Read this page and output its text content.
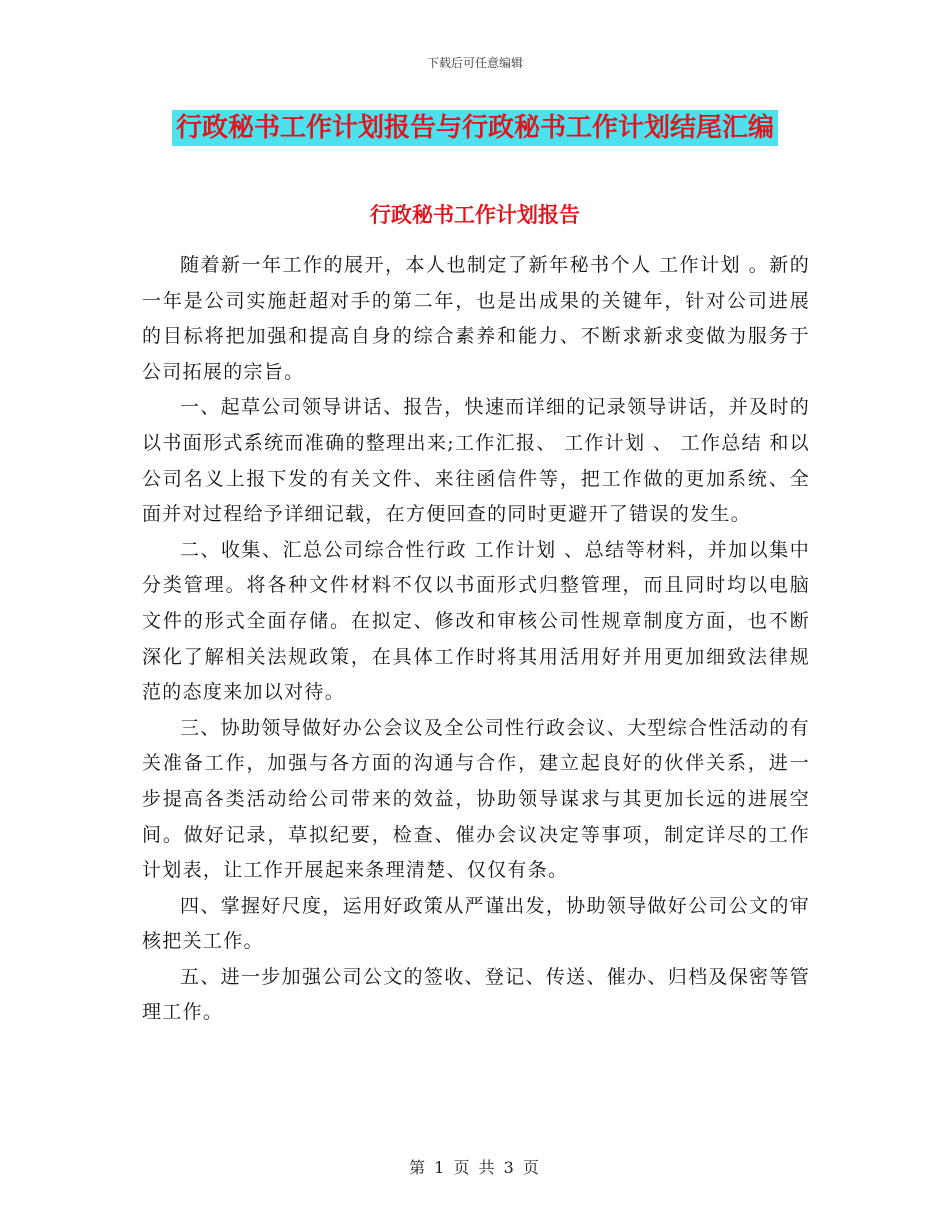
下载后可任意编辑
行政秘书工作计划报告与行政秘书工作计划结尾汇编
行政秘书工作计划报告

随着新一年工作的展开，本人也制定了新年秘书个人 工作计划 。新的一年是公司实施赶超对手的第二年，也是出成果的关键年，针对公司进展的目标将把加强和提高自身的综合素养和能力、不断求新求变做为服务于公司拓展的宗旨。

一、起草公司领导讲话、报告，快速而详细的记录领导讲话，并及时的以书面形式系统而准确的整理出来;工作汇报、 工作计划 、 工作总结 和以公司名义上报下发的有关文件、来往函信件等，把工作做的更加系统、全面并对过程给予详细记载，在方便回查的同时更避开了错误的发生。

二、收集、汇总公司综合性行政 工作计划 、总结等材料，并加以集中分类管理。将各种文件材料不仅以书面形式归整管理，而且同时均以电脑文件的形式全面存储。在拟定、修改和审核公司性规章制度方面，也不断深化了解相关法规政策，在具体工作时将其用活用好并用更加细致法律规范的态度来加以对待。

三、协助领导做好办公会议及全公司性行政会议、大型综合性活动的有关准备工作，加强与各方面的沟通与合作，建立起良好的伙伴关系，进一步提高各类活动给公司带来的效益，协助领导谋求与其更加长远的进展空间。做好记录，草拟纪要，检查、催办会议决定等事项，制定详尽的工作计划表，让工作开展起来条理清楚、仅仅有条。

四、掌握好尺度，运用好政策从严谨出发，协助领导做好公司公文的审核把关工作。

五、进一步加强公司公文的签收、登记、传送、催办、归档及保密等管理工作。

第 1 页 共 3 页
